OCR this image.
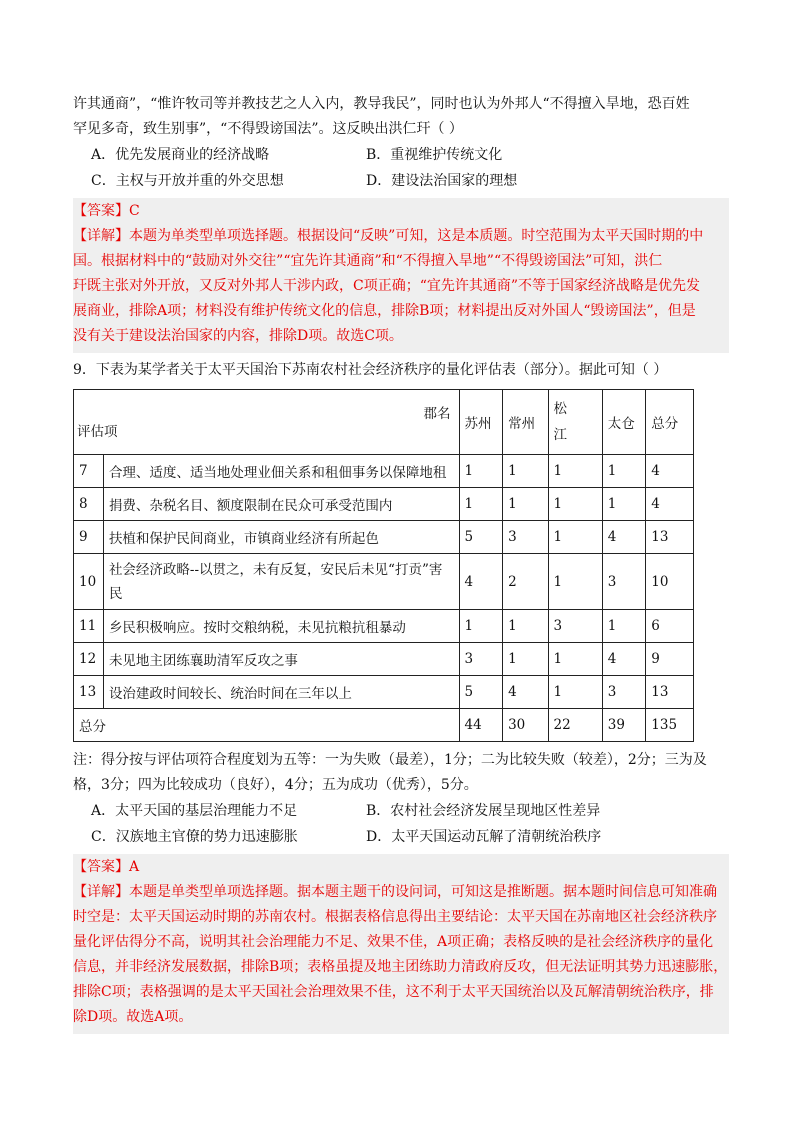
许其通商”，“惟许牧司等并教技艺之人入内，教导我民”，同时也认为外邦人“不得擅入旱地，恐百姓
罕见多奇，致生别事”，“不得毁谤国法”。这反映出洪仁玕（ ）
A．优先发展商业的经济战略	B．重视维护传统文化
C．主权与开放并重的外交思想	D．建设法治国家的理想
【答案】C
【详解】本题为单类型单项选择题。根据设问“反映”可知，这是本质题。时空范围为太平天国时期的中
国。根据材料中的“鼓励对外交往”“宜先许其通商”和“不得擅入旱地”“不得毁谤国法”可知，洪仁
玕既主张对外开放，又反对外邦人干涉内政，C项正确；“宜先许其通商”不等于国家经济战略是优先发
展商业，排除A项；材料没有维护传统文化的信息，排除B项；材料提出反对外国人“毁谤国法”，但是
没有关于建设法治国家的内容，排除D项。故选C项。
9．下表为某学者关于太平天国治下苏南农村社会经济秩序的量化评估表（部分）。据此可知（ ）
郡名
评估项		苏州	常州	松江	太仓	总分
7	合理、适度、适当地处理业佃关系和租佃事务以保障地租	1	1	1	1	4
8	捐费、杂税名目、额度限制在民众可承受范围内	1	1	1	1	4
9	扶植和保护民间商业，市镇商业经济有所起色	5	3	1	4	13
10	社会经济政略--以贯之，未有反复，安民后未见“打贡”害民	4	2	1	3	10
11	乡民积极响应。按时交粮纳税，未见抗粮抗租暴动	1	1	3	1	6
12	未见地主团练襄助清军反攻之事	3	1	1	4	9
13	设治建政时间较长、统治时间在三年以上	5	4	1	3	13
总分		44	30	22	39	135
注：得分按与评估项符合程度划为五等：一为失败（最差），1分；二为比较失败（较差），2分；三为及
格，3分；四为比较成功（良好），4分；五为成功（优秀），5分。
A．太平天国的基层治理能力不足	B．农村社会经济发展呈现地区性差异
C．汉族地主官僚的势力迅速膨胀	D．太平天国运动瓦解了清朝统治秩序
【答案】A
【详解】本题是单类型单项选择题。据本题主题干的设问词，可知这是推断题。据本题时间信息可知准确
时空是：太平天国运动时期的苏南农村。根据表格信息得出主要结论：太平天国在苏南地区社会经济秩序
量化评估得分不高，说明其社会治理能力不足、效果不佳，A项正确；表格反映的是社会经济秩序的量化
信息，并非经济发展数据，排除B项；表格虽提及地主团练助力清政府反攻，但无法证明其势力迅速膨胀，
排除C项；表格强调的是太平天国社会治理效果不佳，这不利于太平天国统治以及瓦解清朝统治秩序，排
除D项。故选A项。
